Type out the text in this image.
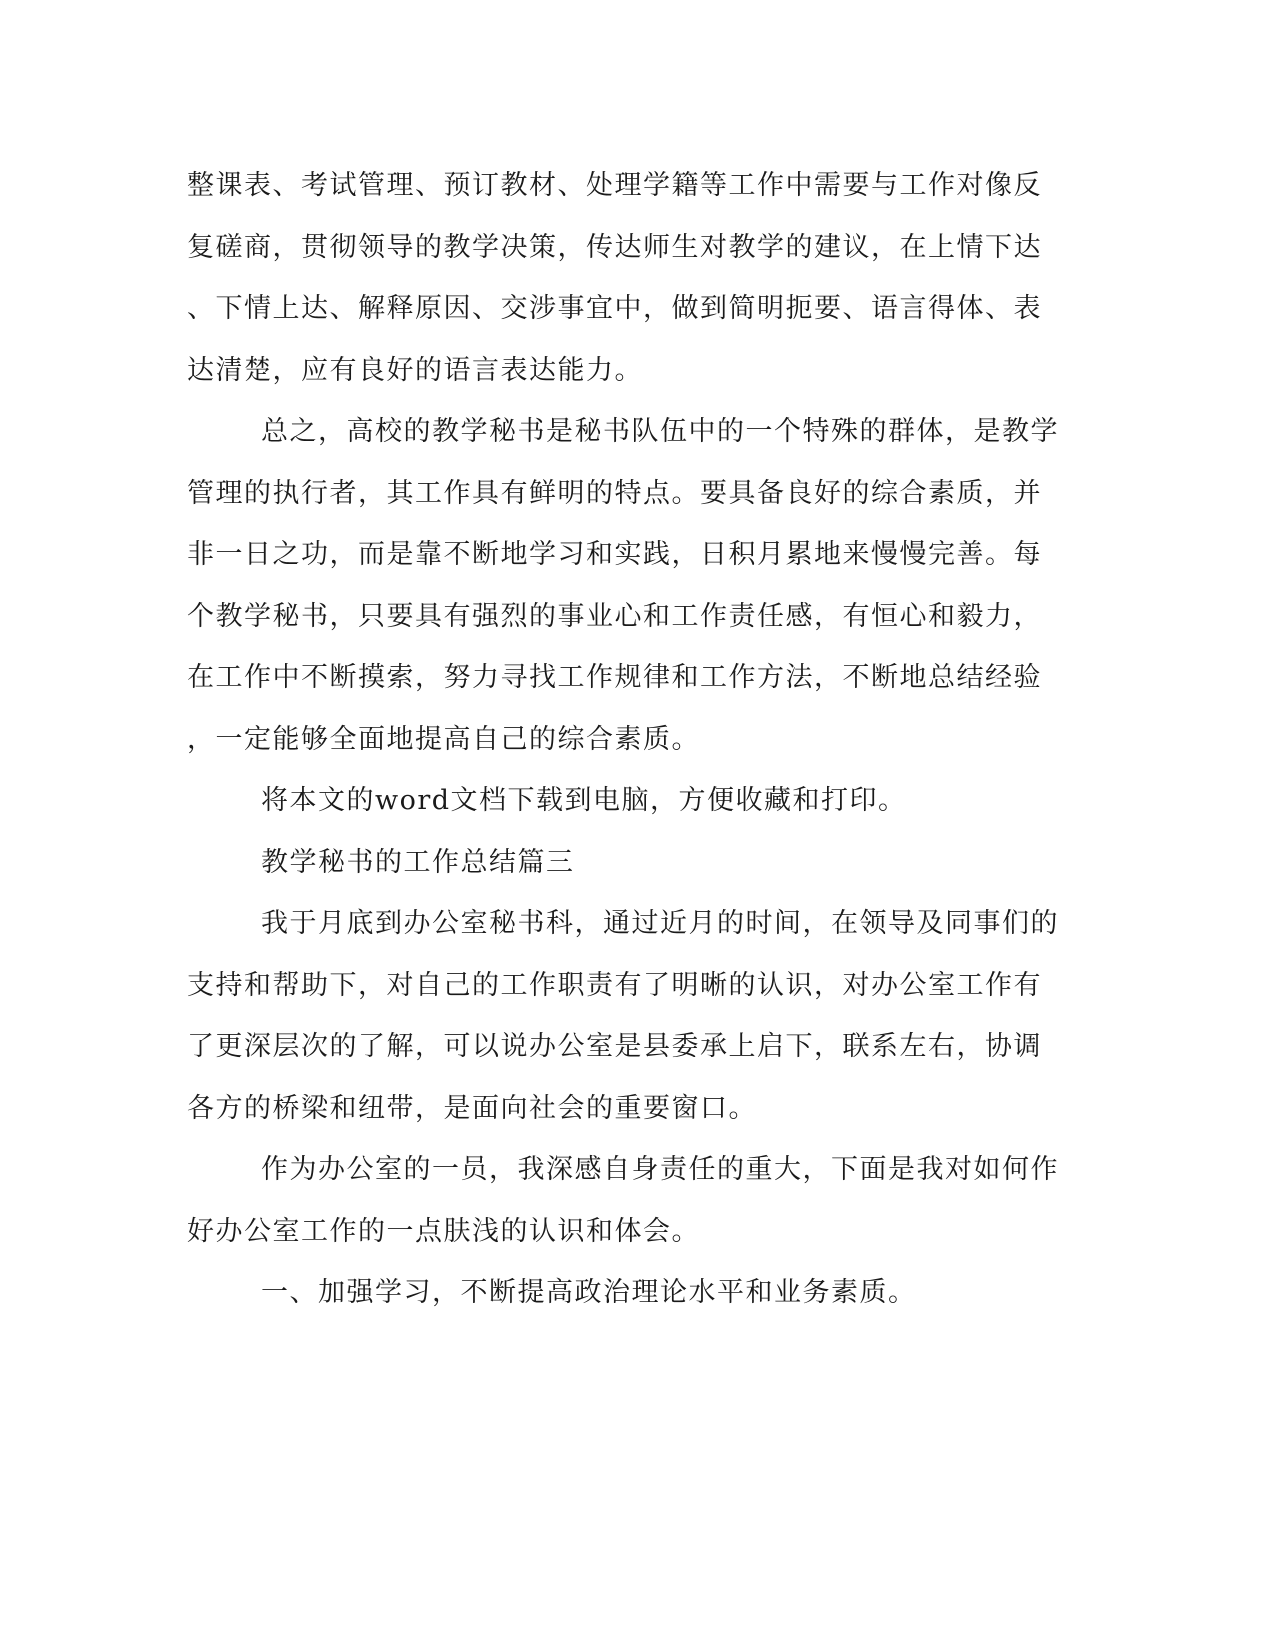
整课表、考试管理、预订教材、处理学籍等工作中需要与工作对像反
复磋商，贯彻领导的教学决策，传达师生对教学的建议，在上情下达
、下情上达、解释原因、交涉事宜中，做到简明扼要、语言得体、表
达清楚，应有良好的语言表达能力。
总之，高校的教学秘书是秘书队伍中的一个特殊的群体，是教学
管理的执行者，其工作具有鲜明的特点。要具备良好的综合素质，并
非一日之功，而是靠不断地学习和实践，日积月累地来慢慢完善。每
个教学秘书，只要具有强烈的事业心和工作责任感，有恒心和毅力，
在工作中不断摸索，努力寻找工作规律和工作方法，不断地总结经验
，一定能够全面地提高自己的综合素质。
将本文的word文档下载到电脑，方便收藏和打印。
教学秘书的工作总结篇三
我于月底到办公室秘书科，通过近月的时间，在领导及同事们的
支持和帮助下，对自己的工作职责有了明晰的认识，对办公室工作有
了更深层次的了解，可以说办公室是县委承上启下，联系左右，协调
各方的桥梁和纽带，是面向社会的重要窗口。
作为办公室的一员，我深感自身责任的重大，下面是我对如何作
好办公室工作的一点肤浅的认识和体会。
一、加强学习，不断提高政治理论水平和业务素质。
